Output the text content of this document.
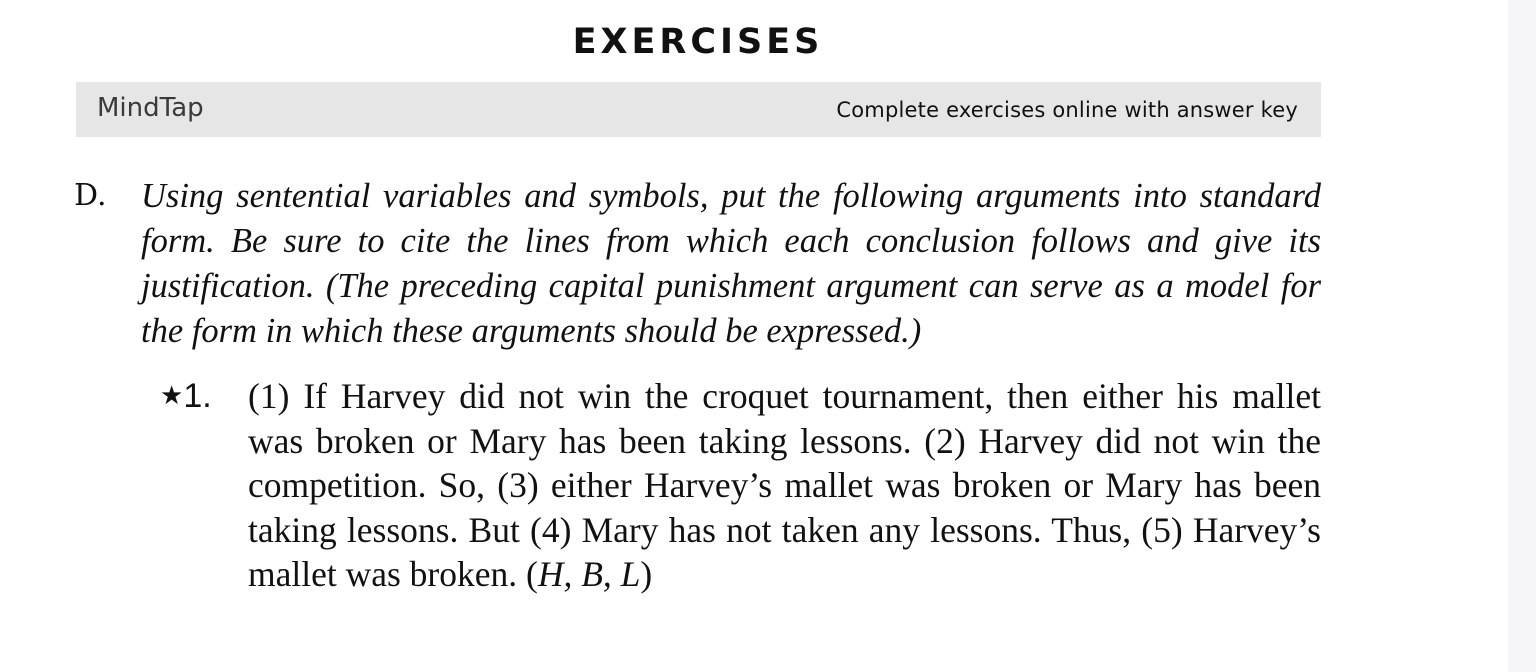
EXERCISES
MindTap	Complete exercises online with answer key
D. Using sentential variables and symbols, put the following arguments into standard form. Be sure to cite the lines from which each conclusion follows and give its justification. (The preceding capital punishment argument can serve as a model for the form in which these arguments should be expressed.)

★1. (1) If Harvey did not win the croquet tournament, then either his mallet was broken or Mary has been taking lessons. (2) Harvey did not win the competition. So, (3) either Harvey’s mallet was broken or Mary has been taking lessons. But (4) Mary has not taken any lessons. Thus, (5) Harvey’s mallet was broken. (H, B, L)
